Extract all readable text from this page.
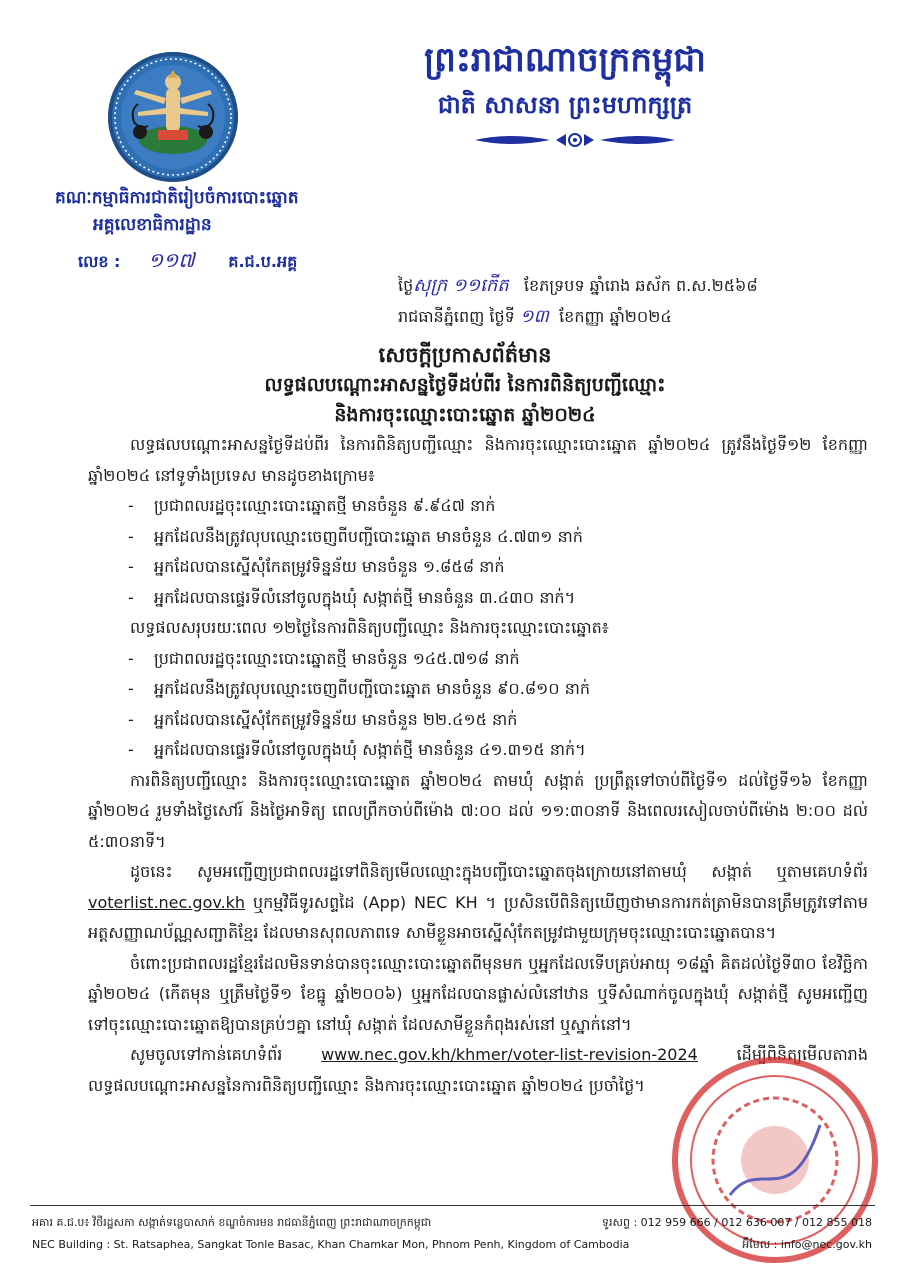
ព្រះរាជាណាចក្រកម្ពុជា
ជាតិ សាសនា ព្រះមហាក្សត្រ
គណៈកម្មាធិការជាតិរៀបចំការបោះឆ្នោត
អគ្គលេខាធិការដ្ឋាន
លេខ : ១១៧ គ.ជ.ប.អគ្គ
ថ្ងៃសុក្រ ១១កើត ខែភទ្របទ ឆ្នាំរោង ឆស័ក ព.ស.២៥៦៨
រាជធានីភ្នំពេញ ថ្ងៃទី ១៣ ខែកញ្ញា ឆ្នាំ២០២៤
សេចក្តីប្រកាសព័ត៌មាន
លទ្ធផលបណ្តោះអាសន្នថ្ងៃទីដប់ពីរ នៃការពិនិត្យបញ្ជីឈ្មោះ
និងការចុះឈ្មោះបោះឆ្នោត ឆ្នាំ២០២៤

លទ្ធផលបណ្តោះអាសន្នថ្ងៃទីដប់ពីរ នៃការពិនិត្យបញ្ជីឈ្មោះ និងការចុះឈ្មោះបោះឆ្នោត ឆ្នាំ២០២៤ ត្រូវនឹងថ្ងៃទី១២ ខែកញ្ញា ឆ្នាំ២០២៤ នៅទូទាំងប្រទេស មានដូចខាងក្រោម៖

- ប្រជាពលរដ្ឋចុះឈ្មោះបោះឆ្នោតថ្មី មានចំនួន ៩.៩៤៧ នាក់
- អ្នកដែលនឹងត្រូវលុបឈ្មោះចេញពីបញ្ជីបោះឆ្នោត មានចំនួន ៤.៧៣១ នាក់
- អ្នកដែលបានស្នើសុំកែតម្រូវទិន្នន័យ មានចំនួន ១.៨៥៨ នាក់
- អ្នកដែលបានផ្ទេរទីលំនៅចូលក្នុងឃុំ សង្កាត់ថ្មី មានចំនួន ៣.៤៣០ នាក់។

លទ្ធផលសរុបរយៈពេល ១២ថ្ងៃនៃការពិនិត្យបញ្ជីឈ្មោះ និងការចុះឈ្មោះបោះឆ្នោត៖

- ប្រជាពលរដ្ឋចុះឈ្មោះបោះឆ្នោតថ្មី មានចំនួន ១៤៥.៧១៨ នាក់
- អ្នកដែលនឹងត្រូវលុបឈ្មោះចេញពីបញ្ជីបោះឆ្នោត មានចំនួន ៩០.៨១០ នាក់
- អ្នកដែលបានស្នើសុំកែតម្រូវទិន្នន័យ មានចំនួន ២២.៤១៥ នាក់
- អ្នកដែលបានផ្ទេរទីលំនៅចូលក្នុងឃុំ សង្កាត់ថ្មី មានចំនួន ៤១.៣១៥ នាក់។

ការពិនិត្យបញ្ជីឈ្មោះ និងការចុះឈ្មោះបោះឆ្នោត ឆ្នាំ២០២៤ តាមឃុំ សង្កាត់ ប្រព្រឹត្តទៅចាប់ពីថ្ងៃទី១ ដល់ថ្ងៃទី១៦ ខែកញ្ញា ឆ្នាំ២០២៤ រួមទាំងថ្ងៃសៅរ៍ និងថ្ងៃអាទិត្យ ពេលព្រឹកចាប់ពីម៉ោង ៧:០០ ដល់ ១១:៣០នាទី និងពេលរសៀលចាប់ពីម៉ោង ២:០០ ដល់ ៥:៣០នាទី។

ដូចនេះ សូមអញ្ជើញប្រជាពលរដ្ឋទៅពិនិត្យមើលឈ្មោះក្នុងបញ្ជីបោះឆ្នោតចុងក្រោយនៅតាមឃុំ សង្កាត់ ឬតាមគេហទំព័រ voterlist.nec.gov.kh ឬកម្មវិធីទូរសព្ទដៃ (App) NEC KH ។ ប្រសិនបើពិនិត្យឃើញថាមានការកត់ត្រាមិនបានត្រឹមត្រូវទៅតាមអត្តសញ្ញាណប័ណ្ណសញ្ជាតិខ្មែរ ដែលមានសុពលភាពទេ សាមីខ្លួនអាចស្នើសុំកែតម្រូវជាមួយក្រុមចុះឈ្មោះបោះឆ្នោតបាន។

ចំពោះប្រជាពលរដ្ឋខ្មែរដែលមិនទាន់បានចុះឈ្មោះបោះឆ្នោតពីមុនមក ឬអ្នកដែលទើបគ្រប់អាយុ ១៨ឆ្នាំ គិតដល់ថ្ងៃទី៣០ ខែវិច្ឆិកា ឆ្នាំ២០២៤ (កើតមុន ឬត្រឹមថ្ងៃទី១ ខែធ្នូ ឆ្នាំ២០០៦) ឬអ្នកដែលបានផ្លាស់លំនៅឋាន ឬទីសំណាក់ចូលក្នុងឃុំ សង្កាត់ថ្មី សូមអញ្ជើញទៅចុះឈ្មោះបោះឆ្នោតឱ្យបានគ្រប់ៗគ្នា នៅឃុំ សង្កាត់ ដែលសាមីខ្លួនកំពុងរស់នៅ ឬស្នាក់នៅ។

សូមចូលទៅកាន់គេហទំព័រ www.nec.gov.kh/khmer/voter-list-revision-2024 ដើម្បីពិនិត្យមើលតារាងលទ្ធផលបណ្តោះអាសន្ននៃការពិនិត្យបញ្ជីឈ្មោះ និងការចុះឈ្មោះបោះឆ្នោត ឆ្នាំ២០២៤ ប្រចាំថ្ងៃ។

អគារ គ.ជ.ប៖ វិថីរដ្ឋសភា សង្កាត់ទន្លេបាសាក់ ខណ្ឌចំការមន រាជធានីភ្នំពេញ ព្រះរាជាណាចក្រកម្ពុជា	ទូរសព្ទ : 012 959 666 / 012 636 007 / 012 855 018
NEC Building : St. Ratsaphea, Sangkat Tonle Basac, Khan Chamkar Mon, Phnom Penh, Kingdom of Cambodia	អ៊ីមែល : info@nec.gov.kh
